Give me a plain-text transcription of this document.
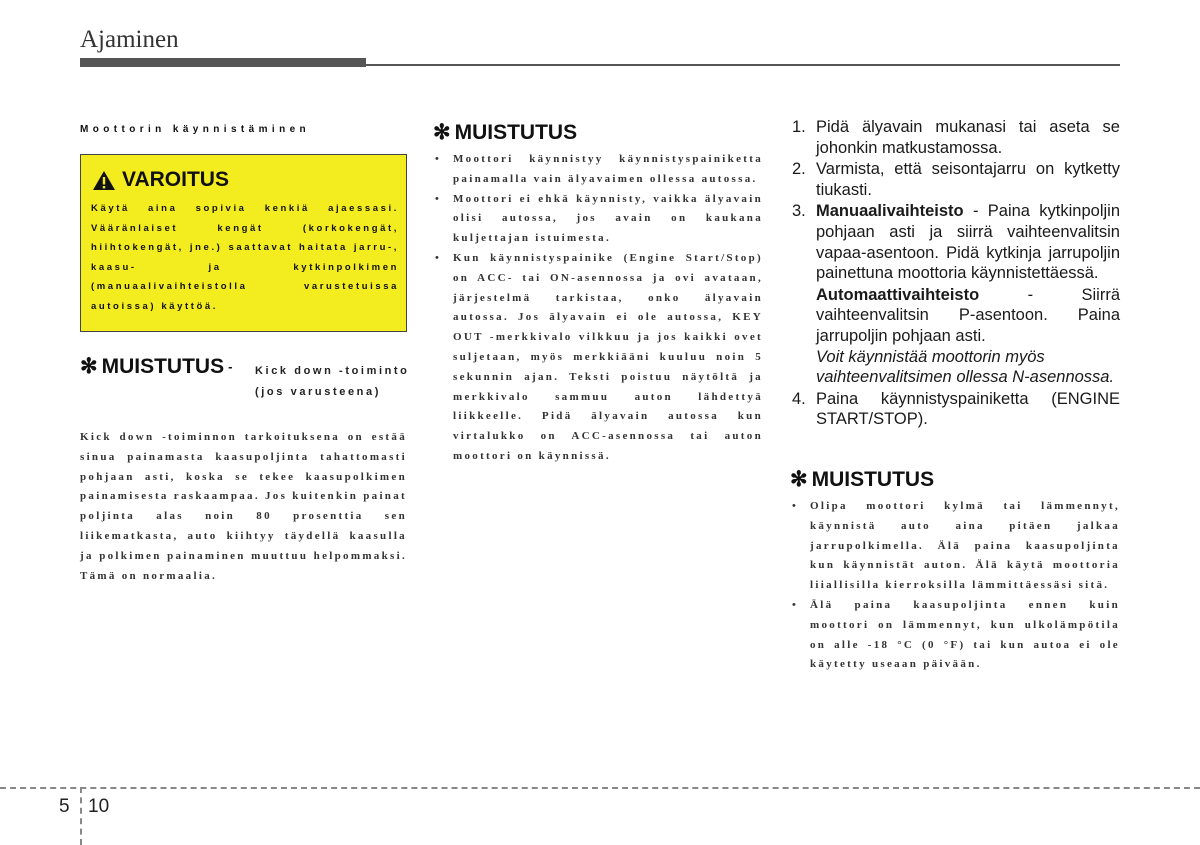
Ajaminen
Moottorin käynnistäminen
VAROITUS
Käytä aina sopivia kenkiä ajaessasi. Vääränlaiset kengät (korkokengät, hiihtokengät, jne.) saattavat haitata jarru-, kaasu- ja kytkinpolkimen (manuaalivaihteistolla varustetuissa autoissa) käyttöä.
✻ MUISTUTUS - Kick down -toiminto (jos varusteena)
Kick down -toiminnon tarkoituksena on estää sinua painamasta kaasupoljinta tahattomasti pohjaan asti, koska se tekee kaasupolkimen painamisesta raskaampaa. Jos kuitenkin painat poljinta alas noin 80 prosenttia sen liikematkasta, auto kiihtyy täydellä kaasulla ja polkimen painaminen muuttuu helpommaksi. Tämä on normaalia.
✻ MUISTUTUS
• Moottori käynnistyy käynnistyspainiketta painamalla vain älyavaimen ollessa autossa.
• Moottori ei ehkä käynnisty, vaikka älyavain olisi autossa, jos avain on kaukana kuljettajan istuimesta.
• Kun käynnistyspainike (Engine Start/Stop) on ACC- tai ON-asennossa ja ovi avataan, järjestelmä tarkistaa, onko älyavain autossa. Jos älyavain ei ole autossa, KEY OUT -merkkivalo vilkkuu ja jos kaikki ovet suljetaan, myös merkkiääni kuuluu noin 5 sekunnin ajan. Teksti poistuu näytöltä ja merkkivalo sammuu auton lähdettyä liikkeelle. Pidä älyavain autossa kun virtalukko on ACC-asennossa tai auton moottori on käynnissä.
1. Pidä älyavain mukanasi tai aseta se johonkin matkustamossa.
2. Varmista, että seisontajarru on kytketty tiukasti.
3. Manuaalivaihteisto - Paina kytkinpoljin pohjaan asti ja siirrä vaihteenvalitsin vapaa-asentoon. Pidä kytkinja jarrupoljin painettuna moottoria käynnistettäessä.
Automaattivaihteisto - Siirrä vaihteenvalitsin P-asentoon. Paina jarrupoljin pohjaan asti.
Voit käynnistää moottorin myös vaihteenvalitsimen ollessa N-asennossa.
4. Paina käynnistyspainiketta (ENGINE START/STOP).
✻ MUISTUTUS
• Olipa moottori kylmä tai lämmennyt, käynnistä auto aina pitäen jalkaa jarrupolkimella. Älä paina kaasupoljinta kun käynnistät auton. Älä käytä moottoria liiallisilla kierroksilla lämmittäessäsi sitä.
• Älä paina kaasupoljinta ennen kuin moottori on lämmennyt, kun ulkolämpötila on alle -18 °C (0 °F) tai kun autoa ei ole käytetty useaan päivään.
5 10
